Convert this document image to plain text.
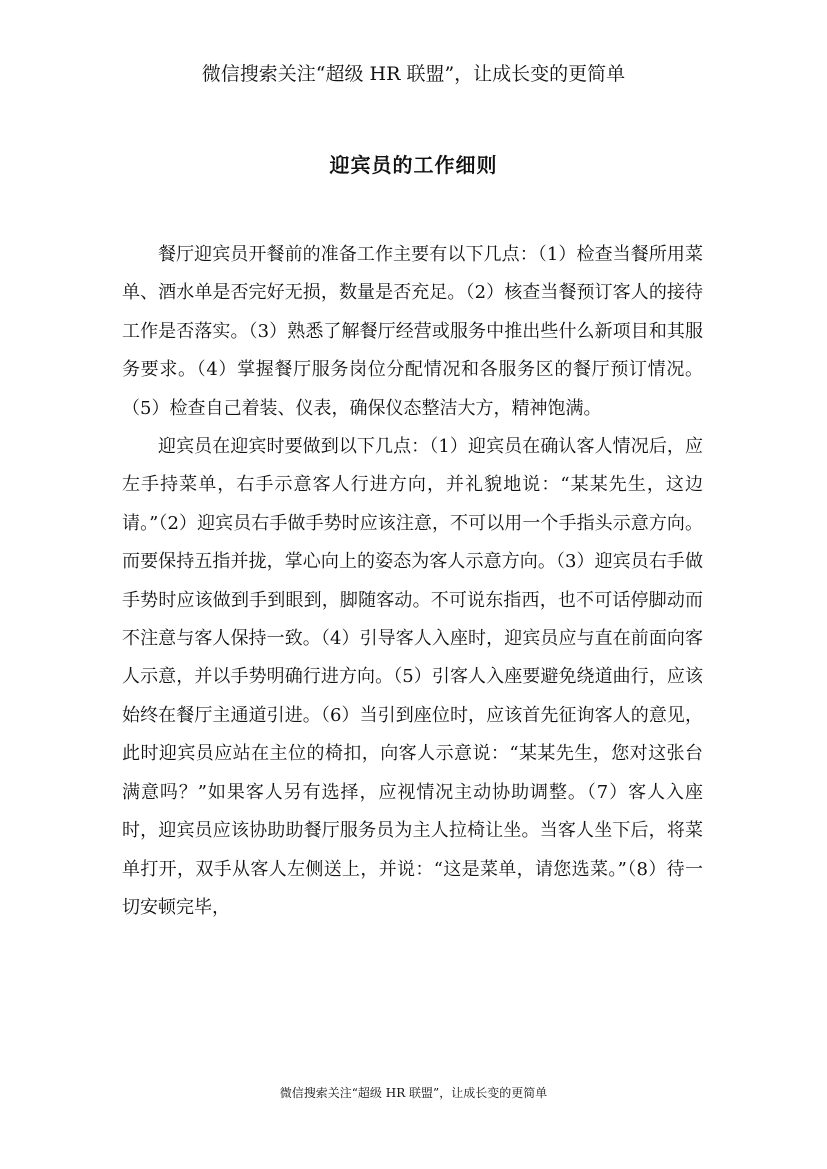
微信搜索关注“超级 HR 联盟”，让成长变的更简单
迎宾员的工作细则

餐厅迎宾员开餐前的准备工作主要有以下几点：（1）检查当餐所用菜单、酒水单是否完好无损，数量是否充足。（2）核查当餐预订客人的接待工作是否落实。（3）熟悉了解餐厅经营或服务中推出些什么新项目和其服务要求。（4）掌握餐厅服务岗位分配情况和各服务区的餐厅预订情况。（5）检查自己着装、仪表，确保仪态整洁大方，精神饱满。

迎宾员在迎宾时要做到以下几点：（1）迎宾员在确认客人情况后，应左手持菜单，右手示意客人行进方向，并礼貌地说：“某某先生，这边请。”（2）迎宾员右手做手势时应该注意，不可以用一个手指头示意方向。而要保持五指并拢，掌心向上的姿态为客人示意方向。（3）迎宾员右手做手势时应该做到手到眼到，脚随客动。不可说东指西，也不可话停脚动而不注意与客人保持一致。（4）引导客人入座时，迎宾员应与直在前面向客人示意，并以手势明确行进方向。（5）引客人入座要避免绕道曲行，应该始终在餐厅主通道引进。（6）当引到座位时，应该首先征询客人的意见，此时迎宾员应站在主位的椅扣，向客人示意说：“某某先生，您对这张台满意吗？”如果客人另有选择，应视情况主动协助调整。（7）客人入座时，迎宾员应该协助助餐厅服务员为主人拉椅让坐。当客人坐下后，将菜单打开，双手从客人左侧送上，并说：“这是菜单，请您选菜。”（8）待一切安顿完毕，

微信搜索关注“超级 HR 联盟”，让成长变的更简单
